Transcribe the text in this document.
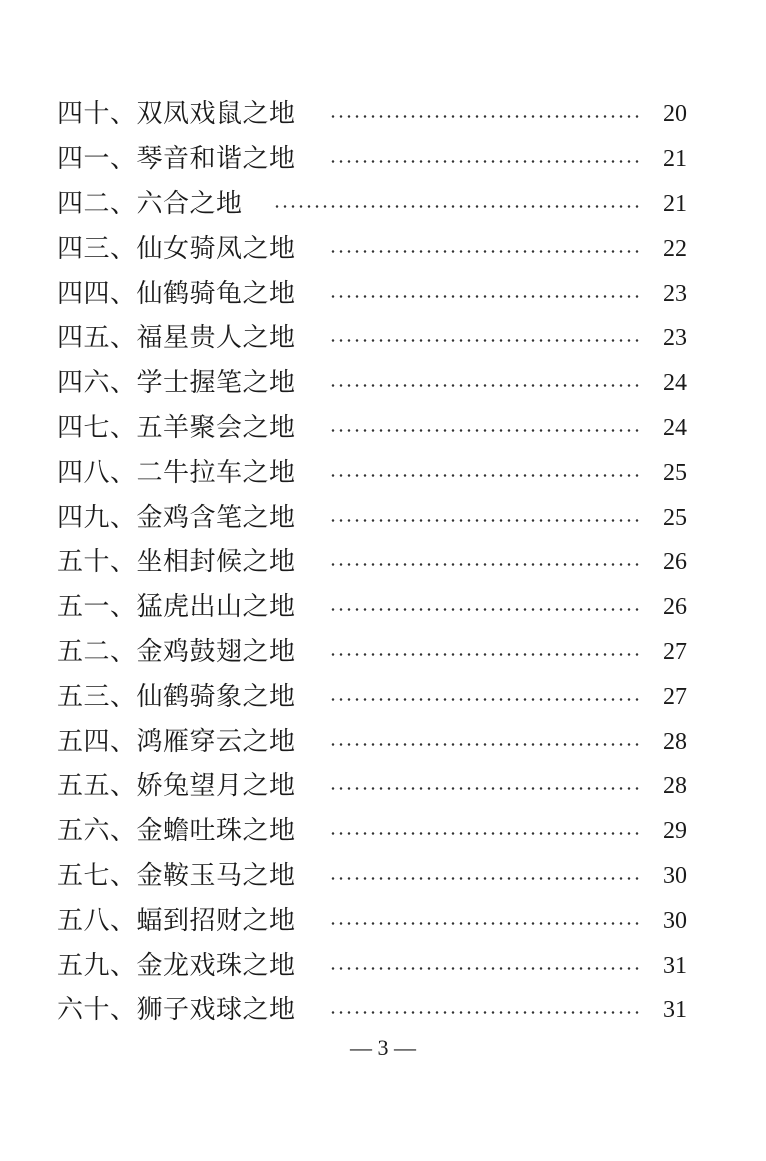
四十、双凤戏鼠之地	20
四一、琴音和谐之地	21
四二、六合之地	21
四三、仙女骑凤之地	22
四四、仙鹤骑龟之地	23
四五、福星贵人之地	23
四六、学士握笔之地	24
四七、五羊聚会之地	24
四八、二牛拉车之地	25
四九、金鸡含笔之地	25
五十、坐相封候之地	26
五一、猛虎出山之地	26
五二、金鸡鼓翅之地	27
五三、仙鹤骑象之地	27
五四、鸿雁穿云之地	28
五五、娇兔望月之地	28
五六、金蟾吐珠之地	29
五七、金鞍玉马之地	30
五八、蝠到招财之地	30
五九、金龙戏珠之地	31
六十、狮子戏球之地	31
— 3 —
